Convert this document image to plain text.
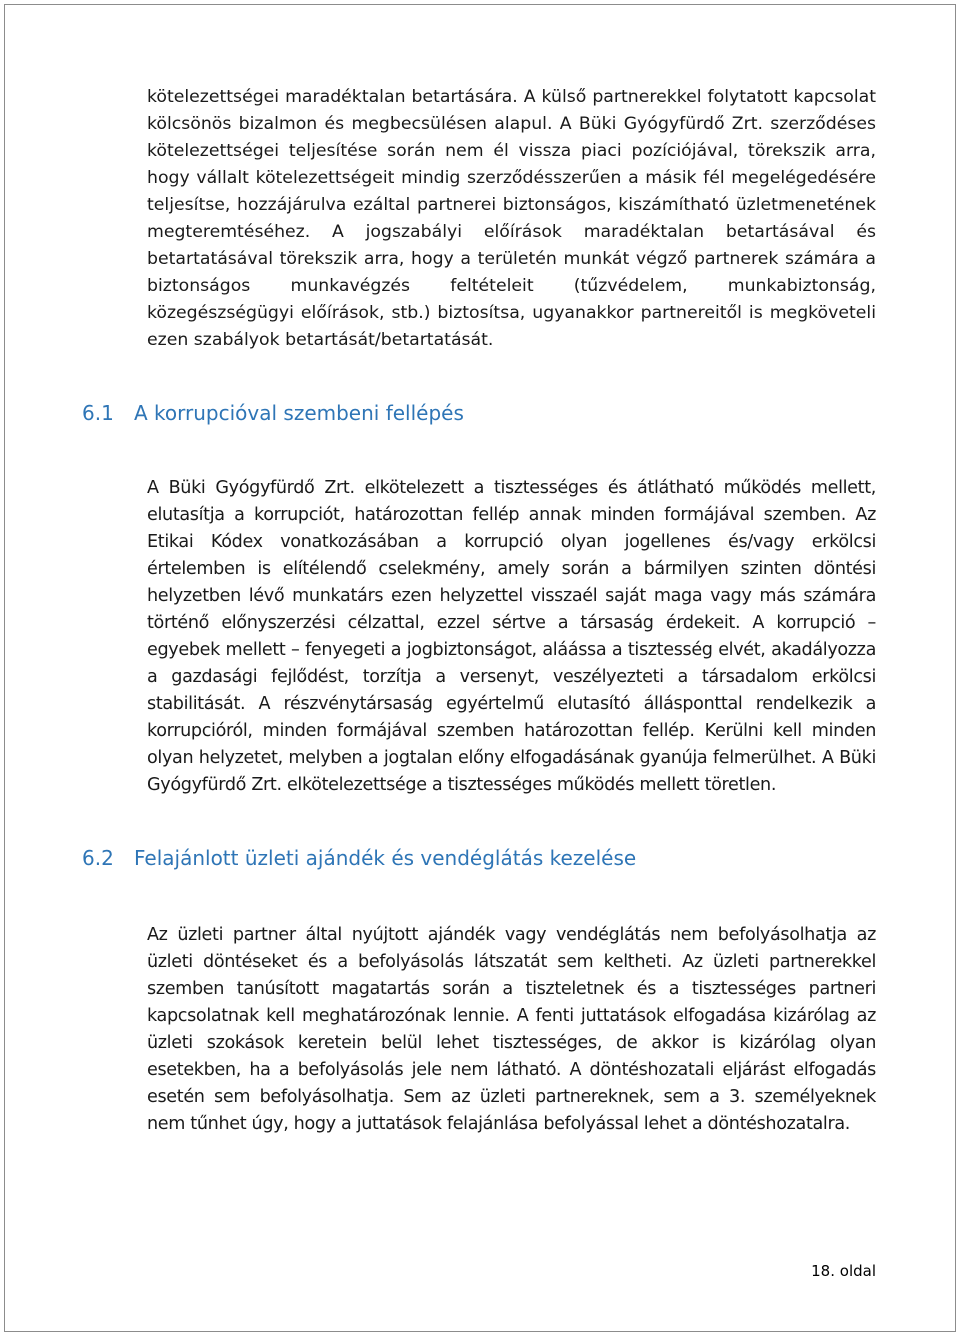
kötelezettségei maradéktalan betartására. A külső partnerekkel folytatott kapcsolat kölcsönös bizalmon és megbecsülésen alapul. A Büki Gyógyfürdő Zrt. szerződéses kötelezettségei teljesítése során nem él vissza piaci pozíciójával, törekszik arra, hogy vállalt kötelezettségeit mindig szerződésszerűen a másik fél megelégedésére teljesítse, hozzájárulva ezáltal partnerei biztonságos, kiszámítható üzletmenetének megteremtéséhez. A jogszabályi előírások maradéktalan betartásával és betartatásával törekszik arra, hogy a területén munkát végző partnerek számára a biztonságos munkavégzés feltételeit (tűzvédelem, munkabiztonság, közegészségügyi előírások, stb.) biztosítsa, ugyanakkor partnereitől is megköveteli ezen szabályok betartását/betartatását.

6.1 A korrupcióval szembeni fellépés

A Büki Gyógyfürdő Zrt. elkötelezett a tisztességes és átlátható működés mellett, elutasítja a korrupciót, határozottan fellép annak minden formájával szemben. Az Etikai Kódex vonatkozásában a korrupció olyan jogellenes és/vagy erkölcsi értelemben is elítélendő cselekmény, amely során a bármilyen szinten döntési helyzetben lévő munkatárs ezen helyzettel visszaél saját maga vagy más számára történő előnyszerzési célzattal, ezzel sértve a társaság érdekeit. A korrupció – egyebek mellett – fenyegeti a jogbiztonságot, aláássa a tisztesség elvét, akadályozza a gazdasági fejlődést, torzítja a versenyt, veszélyezteti a társadalom erkölcsi stabilitását. A részvénytársaság egyértelmű elutasító állásponttal rendelkezik a korrupcióról, minden formájával szemben határozottan fellép. Kerülni kell minden olyan helyzetet, melyben a jogtalan előny elfogadásának gyanúja felmerülhet. A Büki Gyógyfürdő Zrt. elkötelezettsége a tisztességes működés mellett töretlen.

6.2 Felajánlott üzleti ajándék és vendéglátás kezelése

Az üzleti partner által nyújtott ajándék vagy vendéglátás nem befolyásolhatja az üzleti döntéseket és a befolyásolás látszatát sem keltheti. Az üzleti partnerekkel szemben tanúsított magatartás során a tiszteletnek és a tisztességes partneri kapcsolatnak kell meghatározónak lennie. A fenti juttatások elfogadása kizárólag az üzleti szokások keretein belül lehet tisztességes, de akkor is kizárólag olyan esetekben, ha a befolyásolás jele nem látható. A döntéshozatali eljárást elfogadás esetén sem befolyásolhatja. Sem az üzleti partnereknek, sem a 3. személyeknek nem tűnhet úgy, hogy a juttatások felajánlása befolyással lehet a döntéshozatalra.

18. oldal
